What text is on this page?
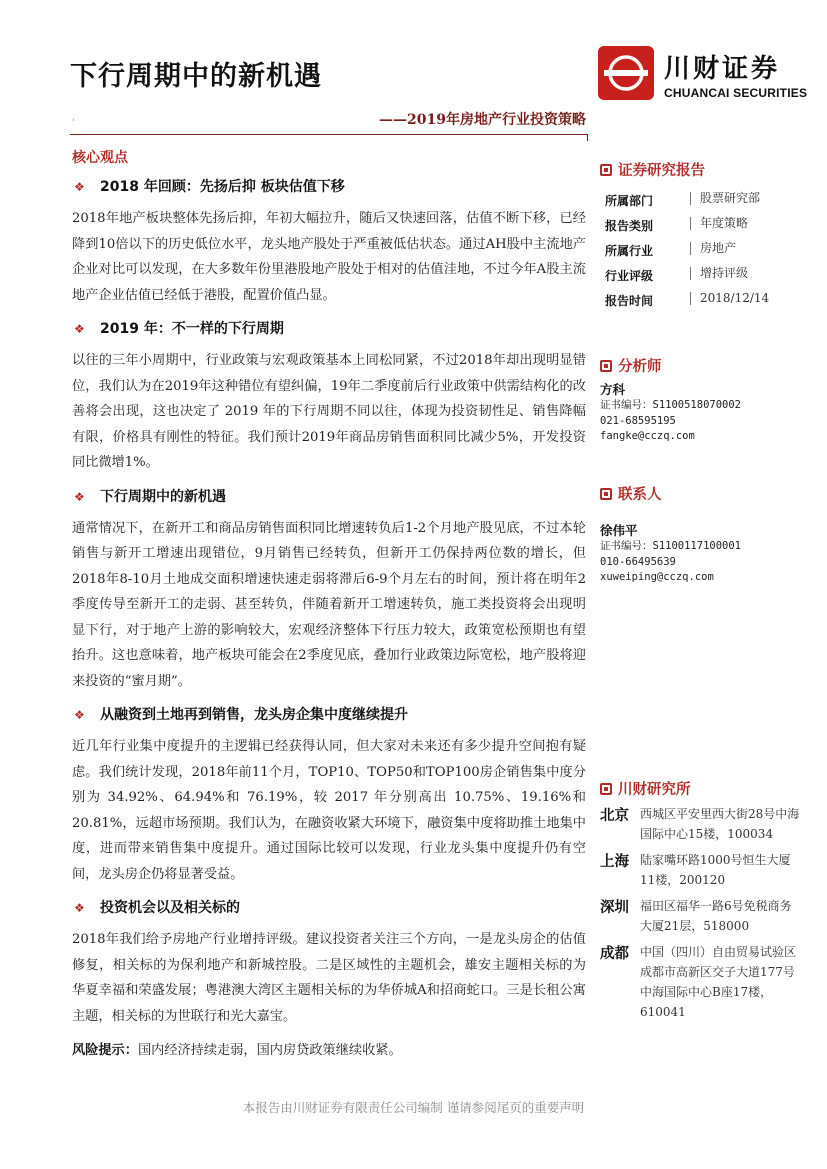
下行周期中的新机遇
'
川财证券
CHUANCAI SECURITIES
——2019年房地产行业投资策略
核心观点
❖ 2018 年回顾：先扬后抑 板块估值下移

2018年地产板块整体先扬后抑，年初大幅拉升，随后又快速回落，估值不断下移，已经降到10倍以下的历史低位水平，龙头地产股处于严重被低估状态。通过AH股中主流地产企业对比可以发现，在大多数年份里港股地产股处于相对的估值洼地，不过今年A股主流地产企业估值已经低于港股，配置价值凸显。

❖ 2019 年：不一样的下行周期

以往的三年小周期中，行业政策与宏观政策基本上同松同紧，不过2018年却出现明显错位，我们认为在2019年这种错位有望纠偏，19年二季度前后行业政策中供需结构化的改善将会出现，这也决定了 2019 年的下行周期不同以往，体现为投资韧性足、销售降幅有限，价格具有刚性的特征。我们预计2019年商品房销售面积同比减少5%，开发投资同比微增1%。

❖ 下行周期中的新机遇

通常情况下，在新开工和商品房销售面积同比增速转负后1-2个月地产股见底，不过本轮销售与新开工增速出现错位，9月销售已经转负，但新开工仍保持两位数的增长，但2018年8-10月土地成交面积增速快速走弱将滞后6-9个月左右的时间，预计将在明年2季度传导至新开工的走弱、甚至转负，伴随着新开工增速转负，施工类投资将会出现明显下行，对于地产上游的影响较大，宏观经济整体下行压力较大，政策宽松预期也有望抬升。这也意味着，地产板块可能会在2季度见底，叠加行业政策边际宽松，地产股将迎来投资的“蜜月期”。

❖ 从融资到土地再到销售，龙头房企集中度继续提升

近几年行业集中度提升的主逻辑已经获得认同，但大家对未来还有多少提升空间抱有疑虑。我们统计发现，2018年前11个月，TOP10、TOP50和TOP100房企销售集中度分别为 34.92%、64.94%和 76.19%，较 2017 年分别高出 10.75%、19.16%和 20.81%，远超市场预期。我们认为，在融资收紧大环境下，融资集中度将助推土地集中度，进而带来销售集中度提升。通过国际比较可以发现，行业龙头集中度提升仍有空间，龙头房企仍将显著受益。

❖ 投资机会以及相关标的

2018年我们给予房地产行业增持评级。建议投资者关注三个方向，一是龙头房企的估值修复，相关标的为保利地产和新城控股。二是区域性的主题机会，雄安主题相关标的为华夏幸福和荣盛发展；粤港澳大湾区主题相关标的为华侨城A和招商蛇口。三是长租公寓主题，相关标的为世联行和光大嘉宝。

风险提示：国内经济持续走弱，国内房贷政策继续收紧。

证券研究报告
所属部门	股票研究部
报告类别	年度策略
所属行业	房地产
行业评级	增持评级
报告时间	2018/12/14
分析师
方科
证书编号：S1100518070002
021-68595195
fangke@cczq.com
联系人
徐伟平
证书编号：S1100117100001
010-66495639
xuweiping@cczq.com
川财研究所
北京 西城区平安里西大街28号中海国际中心15楼，100034
上海 陆家嘴环路1000号恒生大厦11楼，200120
深圳 福田区福华一路6号免税商务大厦21层，518000
成都 中国（四川）自由贸易试验区成都市高新区交子大道177号中海国际中心B座17楼，610041
本报告由川财证券有限责任公司编制 谨请参阅尾页的重要声明
